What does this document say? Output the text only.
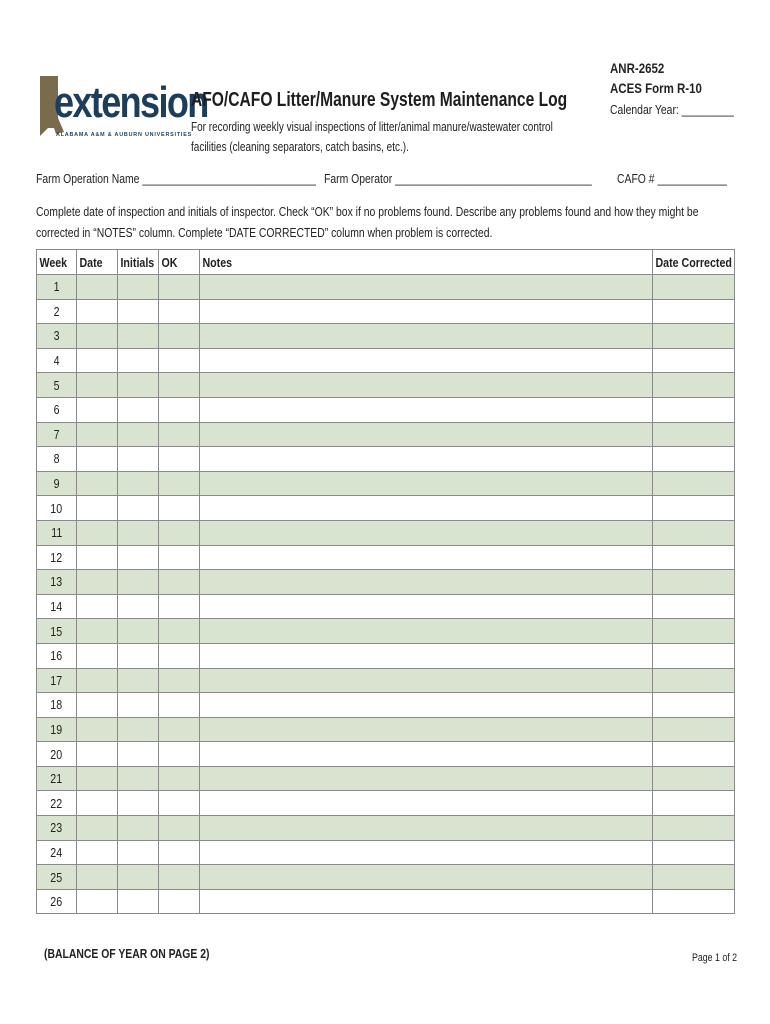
extension
ALABAMA A&M & AUBURN UNIVERSITIES
AFO/CAFO Litter/Manure System Maintenance Log
For recording weekly visual inspections of litter/animal manure/wastewater control facilities (cleaning separators, catch basins, etc.).
ANR-2652
ACES Form R-10
Calendar Year: _________
Farm Operation Name ______________________________ Farm Operator __________________________________ CAFO # ____________
Complete date of inspection and initials of inspector. Check “OK” box if no problems found. Describe any problems found and how they might be corrected in “NOTES” column. Complete “DATE CORRECTED” column when problem is corrected.
Week	Date	Initials	OK	Notes	Date Corrected
1					
2					
3					
4					
5					
6					
7					
8					
9					
10					
11					
12					
13					
14					
15					
16					
17					
18					
19					
20					
21					
22					
23					
24					
25					
26					
(BALANCE OF YEAR ON PAGE 2)	Page 1 of 2
